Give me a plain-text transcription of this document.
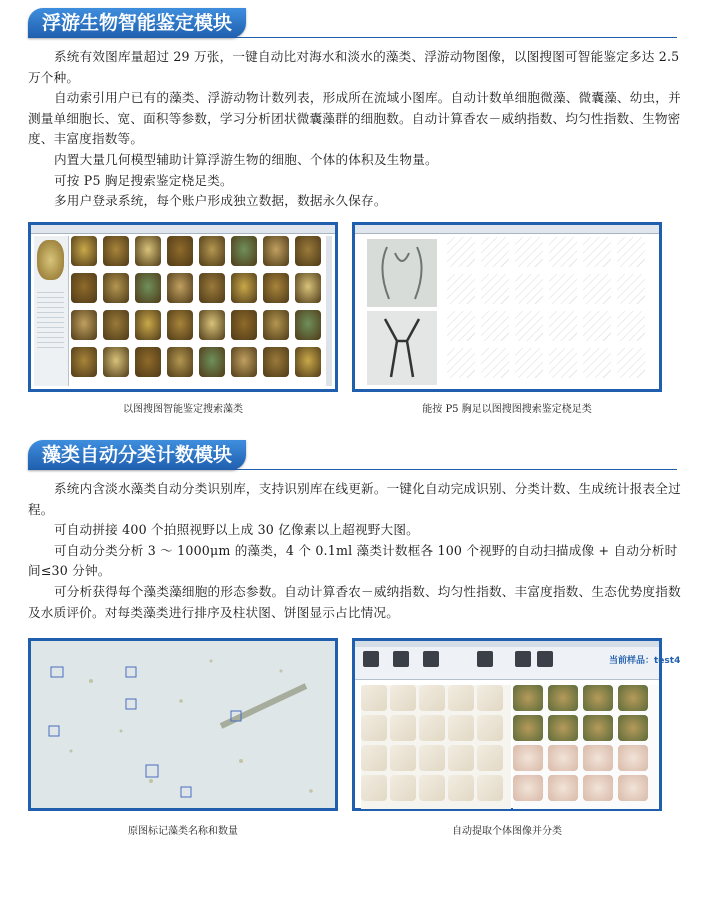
浮游生物智能鉴定模块

系统有效图库量超过 29 万张，一键自动比对海水和淡水的藻类、浮游动物图像，以图搜图可智能鉴定多达 2.5 万个种。

自动索引用户已有的藻类、浮游动物计数列表，形成所在流域小图库。自动计数单细胞微藻、微囊藻、幼虫，并测量单细胞长、宽、面积等参数，学习分析团状微囊藻群的细胞数。自动计算香农－威纳指数、均匀性指数、生物密度、丰富度指数等。

内置大量几何模型辅助计算浮游生物的细胞、个体的体积及生物量。

可按 P5 胸足搜索鉴定桡足类。

多用户登录系统，每个账户形成独立数据，数据永久保存。

以图搜图智能鉴定搜索藻类	能按 P5 胸足以图搜图搜索鉴定桡足类
藻类自动分类计数模块

系统内含淡水藻类自动分类识别库，支持识别库在线更新。一键化自动完成识别、分类计数、生成统计报表全过程。

可自动拼接 400 个拍照视野以上成 30 亿像素以上超视野大图。

可自动分类分析 3 ～ 1000μm 的藻类，4 个 0.1ml 藻类计数框各 100 个视野的自动扫描成像 + 自动分析时间≤30 分钟。

可分析获得每个藻类藻细胞的形态参数。自动计算香农－威纳指数、均匀性指数、丰富度指数、生态优势度指数及水质评价。对每类藻类进行排序及柱状图、饼图显示占比情况。

原图标记藻类名称和数量
当前样品：test4
自动提取个体图像并分类
